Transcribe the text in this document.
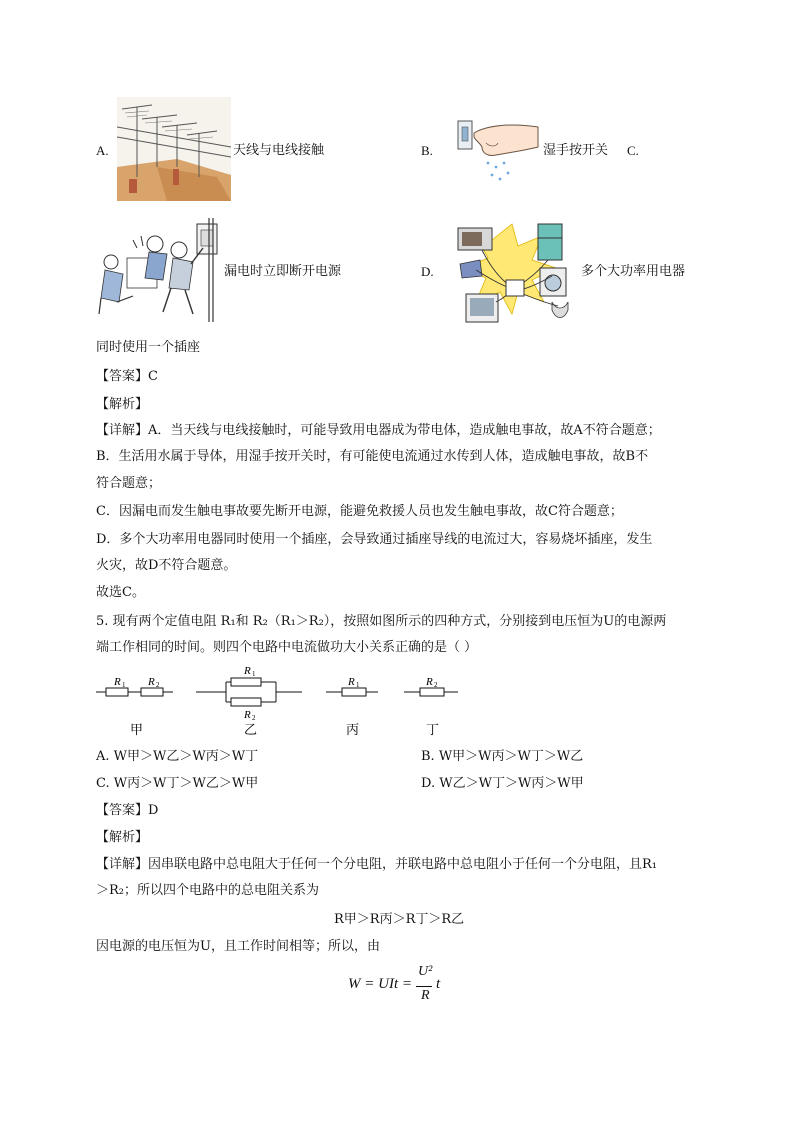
A.	天线与电线接触	B.	湿手按开关 C.
漏电时立即断开电源	D.	多个大功率用电器
同时使用一个插座
【答案】C
【解析】
【详解】A．当天线与电线接触时，可能导致用电器成为带电体，造成触电事故，故A不符合题意；
B．生活用水属于导体，用湿手按开关时，有可能使电流通过水传到人体，造成触电事故，故B不
符合题意；
C．因漏电而发生触电事故要先断开电源，能避免救援人员也发生触电事故，故C符合题意；
D．多个大功率用电器同时使用一个插座，会导致通过插座导线的电流过大，容易烧坏插座，发生
火灾，故D不符合题意。
故选C。
5. 现有两个定值电阻 R₁和 R₂（R₁＞R₂），按照如图所示的四种方式，分别接到电压恒为U的电源两
端工作相同的时间。则四个电路中电流做功大小关系正确的是（ ）
R 1 R 2
甲
R 1
R 2
乙
R 1
丙
R 2
丁
A. W甲＞W乙＞W丙＞W丁	B. W甲＞W丙＞W丁＞W乙
C. W丙＞W丁＞W乙＞W甲	D. W乙＞W丁＞W丙＞W甲
【答案】D
【解析】
【详解】因串联电路中总电阻大于任何一个分电阻，并联电路中总电阻小于任何一个分电阻，且R₁
＞R₂；所以四个电路中的总电阻关系为
R甲＞R丙＞R丁＞R乙
因电源的电压恒为U，且工作时间相等；所以，由
W = UIt =
U²
R
t
